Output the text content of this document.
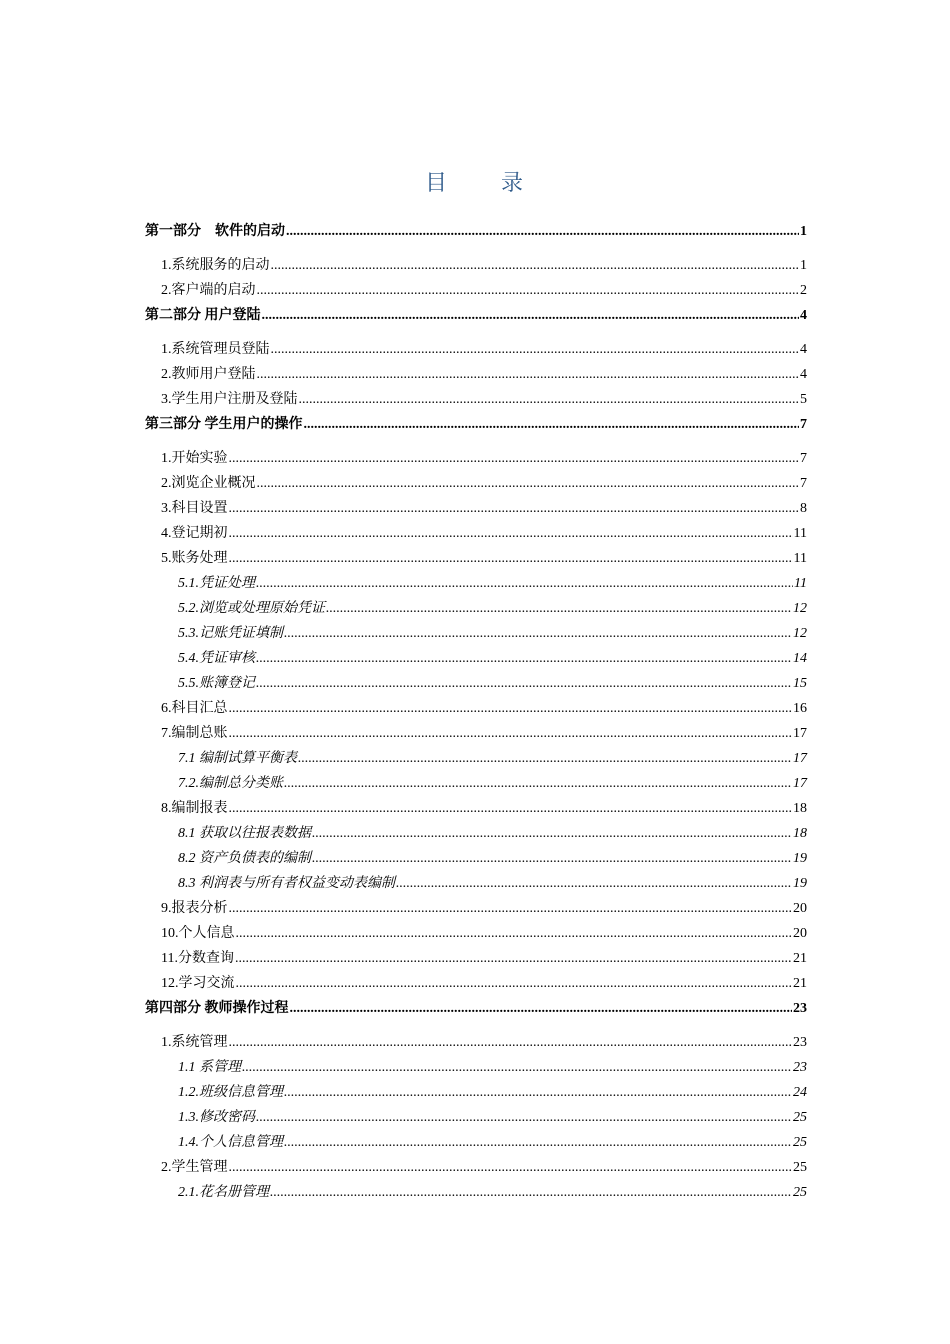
目 录
第一部分　软件的启动 .....	1
1.系统服务的启动 .....	1
2.客户端的启动 .....	2
第二部分 用户登陆 .....	4
1.系统管理员登陆 .....	4
2.教师用户登陆 .....	4
3.学生用户注册及登陆 .....	5
第三部分 学生用户的操作 .....	7
1.开始实验 .....	7
2.浏览企业概况 .....	7
3.科目设置 .....	8
4.登记期初 .....	11
5.账务处理 .....	11
5.1.凭证处理 .....	11
5.2.浏览或处理原始凭证 .....	12
5.3.记账凭证填制 .....	12
5.4.凭证审核 .....	14
5.5.账簿登记 .....	15
6.科目汇总 .....	16
7.编制总账 .....	17
7.1 编制试算平衡表 .....	17
7.2.编制总分类账 .....	17
8.编制报表 .....	18
8.1 获取以往报表数据 .....	18
8.2 资产负债表的编制 .....	19
8.3 利润表与所有者权益变动表编制 .....	19
9.报表分析 .....	20
10.个人信息 .....	20
11.分数查询 .....	21
12.学习交流 .....	21
第四部分 教师操作过程 .....	23
1.系统管理 .....	23
1.1 系管理 .....	23
1.2.班级信息管理 .....	24
1.3.修改密码 .....	25
1.4.个人信息管理 .....	25
2.学生管理 .....	25
2.1.花名册管理 .....	25
